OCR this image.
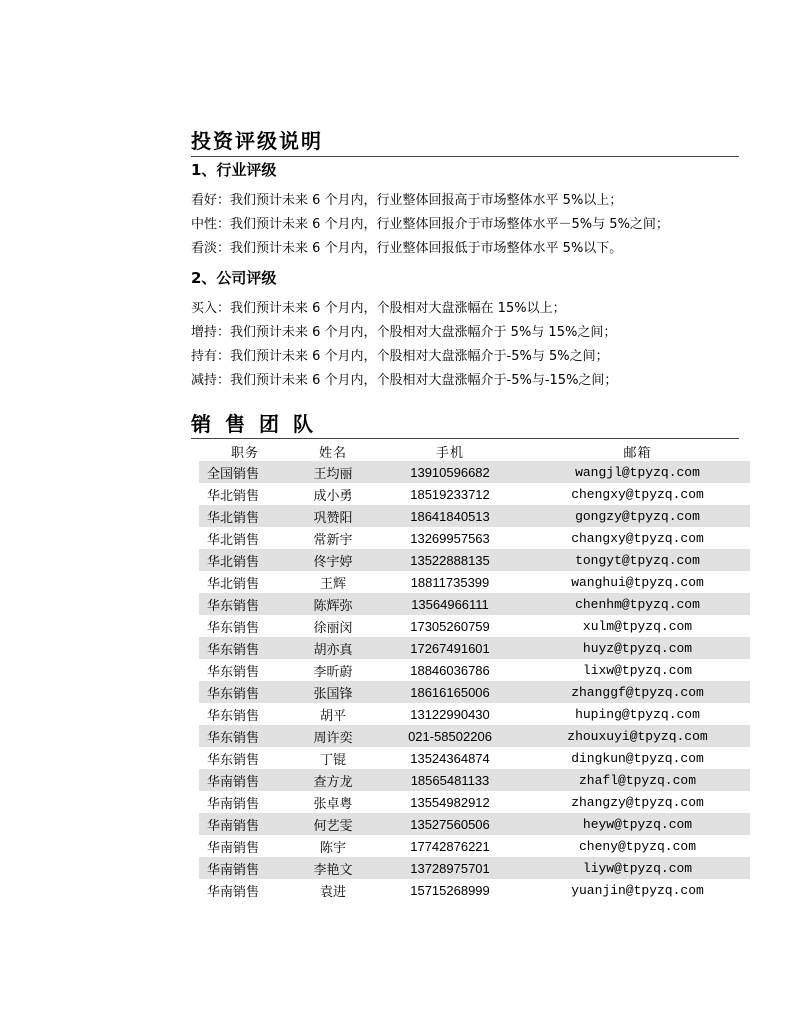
投资评级说明
1、行业评级
看好：我们预计未来 6 个月内，行业整体回报高于市场整体水平 5%以上；
中性：我们预计未来 6 个月内，行业整体回报介于市场整体水平－5%与 5%之间；
看淡：我们预计未来 6 个月内，行业整体回报低于市场整体水平 5%以下。
2、公司评级
买入：我们预计未来 6 个月内，个股相对大盘涨幅在 15%以上；
增持：我们预计未来 6 个月内，个股相对大盘涨幅介于 5%与 15%之间；
持有：我们预计未来 6 个月内，个股相对大盘涨幅介于-5%与 5%之间；
减持：我们预计未来 6 个月内，个股相对大盘涨幅介于-5%与-15%之间；
销售团队
职务	姓名	手机	邮箱
全国销售	王均丽	13910596682	wangjl@tpyzq.com
华北销售	成小勇	18519233712	chengxy@tpyzq.com
华北销售	巩赞阳	18641840513	gongzy@tpyzq.com
华北销售	常新宇	13269957563	changxy@tpyzq.com
华北销售	佟宇婷	13522888135	tongyt@tpyzq.com
华北销售	王辉	18811735399	wanghui@tpyzq.com
华东销售	陈辉弥	13564966111	chenhm@tpyzq.com
华东销售	徐丽闵	17305260759	xulm@tpyzq.com
华东销售	胡亦真	17267491601	huyz@tpyzq.com
华东销售	李昕蔚	18846036786	lixw@tpyzq.com
华东销售	张国锋	18616165006	zhanggf@tpyzq.com
华东销售	胡平	13122990430	huping@tpyzq.com
华东销售	周许奕	021-58502206	zhouxuyi@tpyzq.com
华东销售	丁锟	13524364874	dingkun@tpyzq.com
华南销售	查方龙	18565481133	zhafl@tpyzq.com
华南销售	张卓粤	13554982912	zhangzy@tpyzq.com
华南销售	何艺雯	13527560506	heyw@tpyzq.com
华南销售	陈宇	17742876221	cheny@tpyzq.com
华南销售	李艳文	13728975701	liyw@tpyzq.com
华南销售	袁进	15715268999	yuanjin@tpyzq.com
